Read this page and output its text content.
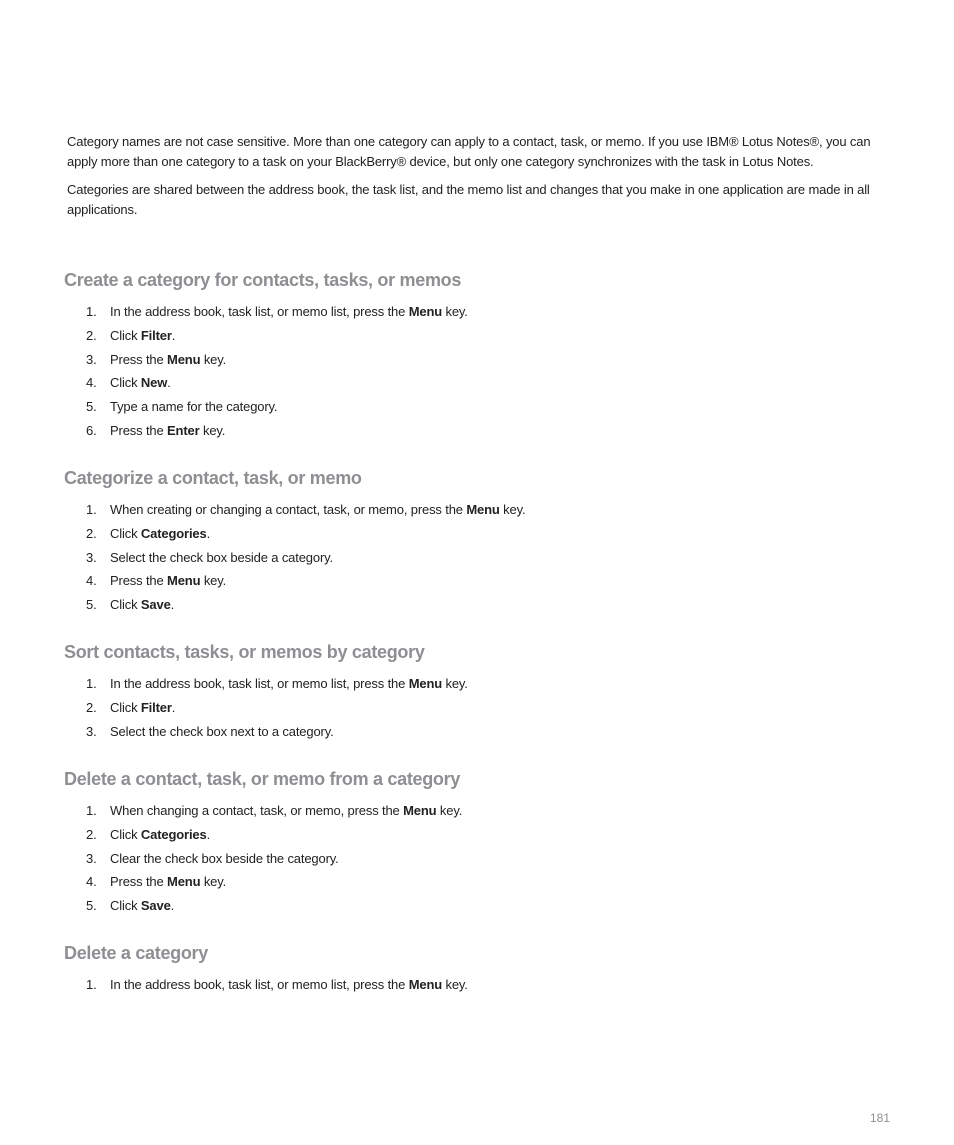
Category names are not case sensitive. More than one category can apply to a contact, task, or memo. If you use IBM® Lotus Notes®, you can apply more than one category to a task on your BlackBerry® device, but only one category synchronizes with the task in Lotus Notes.

Categories are shared between the address book, the task list, and the memo list and changes that you make in one application are made in all applications.

Create a category for contacts, tasks, or memos
1. In the address book, task list, or memo list, press the Menu key.
2. Click Filter.
3. Press the Menu key.
4. Click New.
5. Type a name for the category.
6. Press the Enter key.
Categorize a contact, task, or memo
1. When creating or changing a contact, task, or memo, press the Menu key.
2. Click Categories.
3. Select the check box beside a category.
4. Press the Menu key.
5. Click Save.
Sort contacts, tasks, or memos by category
1. In the address book, task list, or memo list, press the Menu key.
2. Click Filter.
3. Select the check box next to a category.
Delete a contact, task, or memo from a category
1. When changing a contact, task, or memo, press the Menu key.
2. Click Categories.
3. Clear the check box beside the category.
4. Press the Menu key.
5. Click Save.
Delete a category
1. In the address book, task list, or memo list, press the Menu key.
181
